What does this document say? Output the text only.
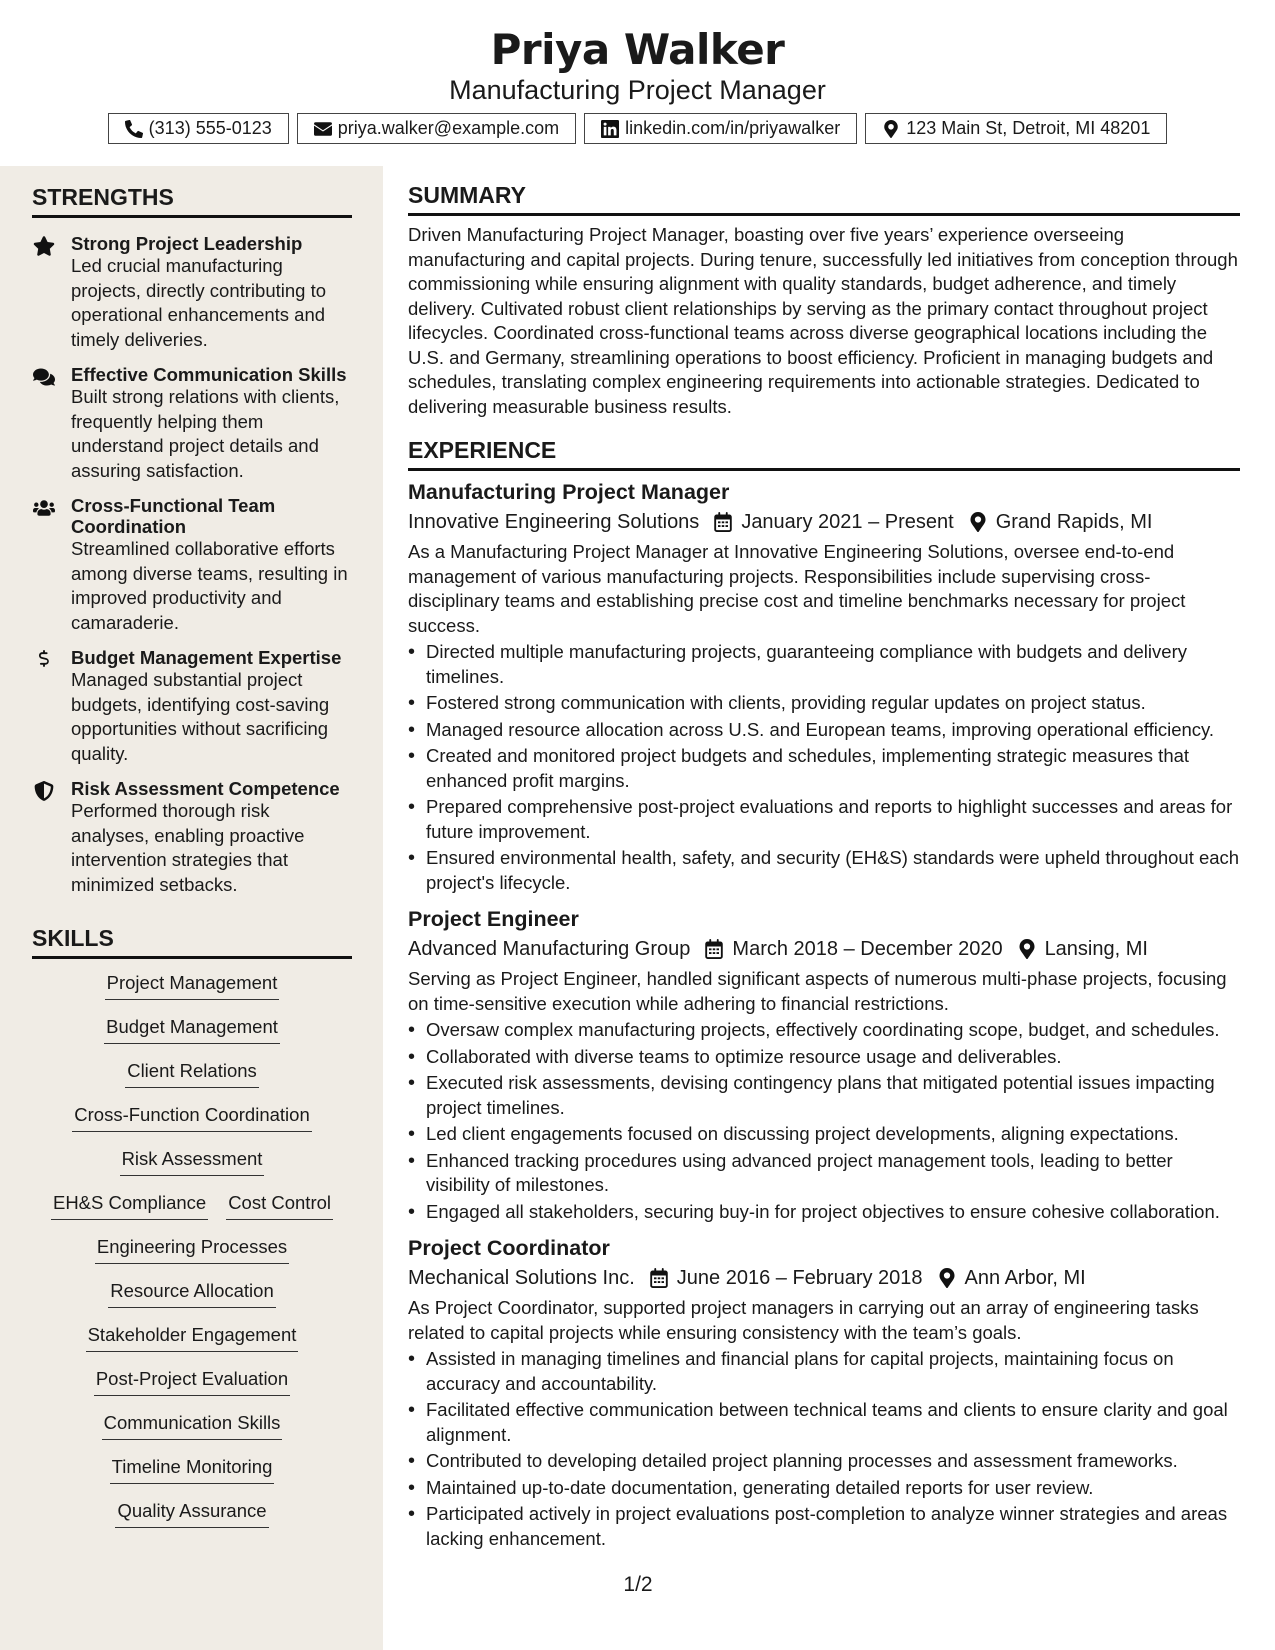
Priya Walker
Manufacturing Project Manager
(313) 555-0123	priya.walker@example.com	linkedin.com/in/priyawalker	123 Main St, Detroit, MI 48201
STRENGTHS
Strong Project Leadership
Led crucial manufacturing projects, directly contributing to operational enhancements and timely deliveries.
Effective Communication Skills
Built strong relations with clients, frequently helping them understand project details and assuring satisfaction.
Cross-Functional Team Coordination
Streamlined collaborative efforts among diverse teams, resulting in improved productivity and camaraderie.
Budget Management Expertise
Managed substantial project budgets, identifying cost-saving opportunities without sacrificing quality.
Risk Assessment Competence
Performed thorough risk analyses, enabling proactive intervention strategies that minimized setbacks.
SKILLS
Project Management
Budget Management
Client Relations
Cross-Function Coordination
Risk Assessment
EH&S Compliance Cost Control
Engineering Processes
Resource Allocation
Stakeholder Engagement
Post-Project Evaluation
Communication Skills
Timeline Monitoring
Quality Assurance
SUMMARY
Driven Manufacturing Project Manager, boasting over five years’ experience overseeing manufacturing and capital projects. During tenure, successfully led initiatives from conception through commissioning while ensuring alignment with quality standards, budget adherence, and timely delivery. Cultivated robust client relationships by serving as the primary contact throughout project lifecycles. Coordinated cross-functional teams across diverse geographical locations including the U.S. and Germany, streamlining operations to boost efficiency. Proficient in managing budgets and schedules, translating complex engineering requirements into actionable strategies. Dedicated to delivering measurable business results.
EXPERIENCE
Manufacturing Project Manager
Innovative Engineering Solutions January 2021 – Present Grand Rapids, MI
As a Manufacturing Project Manager at Innovative Engineering Solutions, oversee end-to-end management of various manufacturing projects. Responsibilities include supervising cross-disciplinary teams and establishing precise cost and timeline benchmarks necessary for project success.
• Directed multiple manufacturing projects, guaranteeing compliance with budgets and delivery timelines.
• Fostered strong communication with clients, providing regular updates on project status.
• Managed resource allocation across U.S. and European teams, improving operational efficiency.
• Created and monitored project budgets and schedules, implementing strategic measures that enhanced profit margins.
• Prepared comprehensive post-project evaluations and reports to highlight successes and areas for future improvement.
• Ensured environmental health, safety, and security (EH&S) standards were upheld throughout each project's lifecycle.
Project Engineer
Advanced Manufacturing Group March 2018 – December 2020 Lansing, MI
Serving as Project Engineer, handled significant aspects of numerous multi-phase projects, focusing on time-sensitive execution while adhering to financial restrictions.
• Oversaw complex manufacturing projects, effectively coordinating scope, budget, and schedules.
• Collaborated with diverse teams to optimize resource usage and deliverables.
• Executed risk assessments, devising contingency plans that mitigated potential issues impacting project timelines.
• Led client engagements focused on discussing project developments, aligning expectations.
• Enhanced tracking procedures using advanced project management tools, leading to better visibility of milestones.
• Engaged all stakeholders, securing buy-in for project objectives to ensure cohesive collaboration.
Project Coordinator
Mechanical Solutions Inc. June 2016 – February 2018 Ann Arbor, MI
As Project Coordinator, supported project managers in carrying out an array of engineering tasks related to capital projects while ensuring consistency with the team’s goals.
• Assisted in managing timelines and financial plans for capital projects, maintaining focus on accuracy and accountability.
• Facilitated effective communication between technical teams and clients to ensure clarity and goal alignment.
• Contributed to developing detailed project planning processes and assessment frameworks.
• Maintained up-to-date documentation, generating detailed reports for user review.
• Participated actively in project evaluations post-completion to analyze winner strategies and areas lacking enhancement.
1/2
